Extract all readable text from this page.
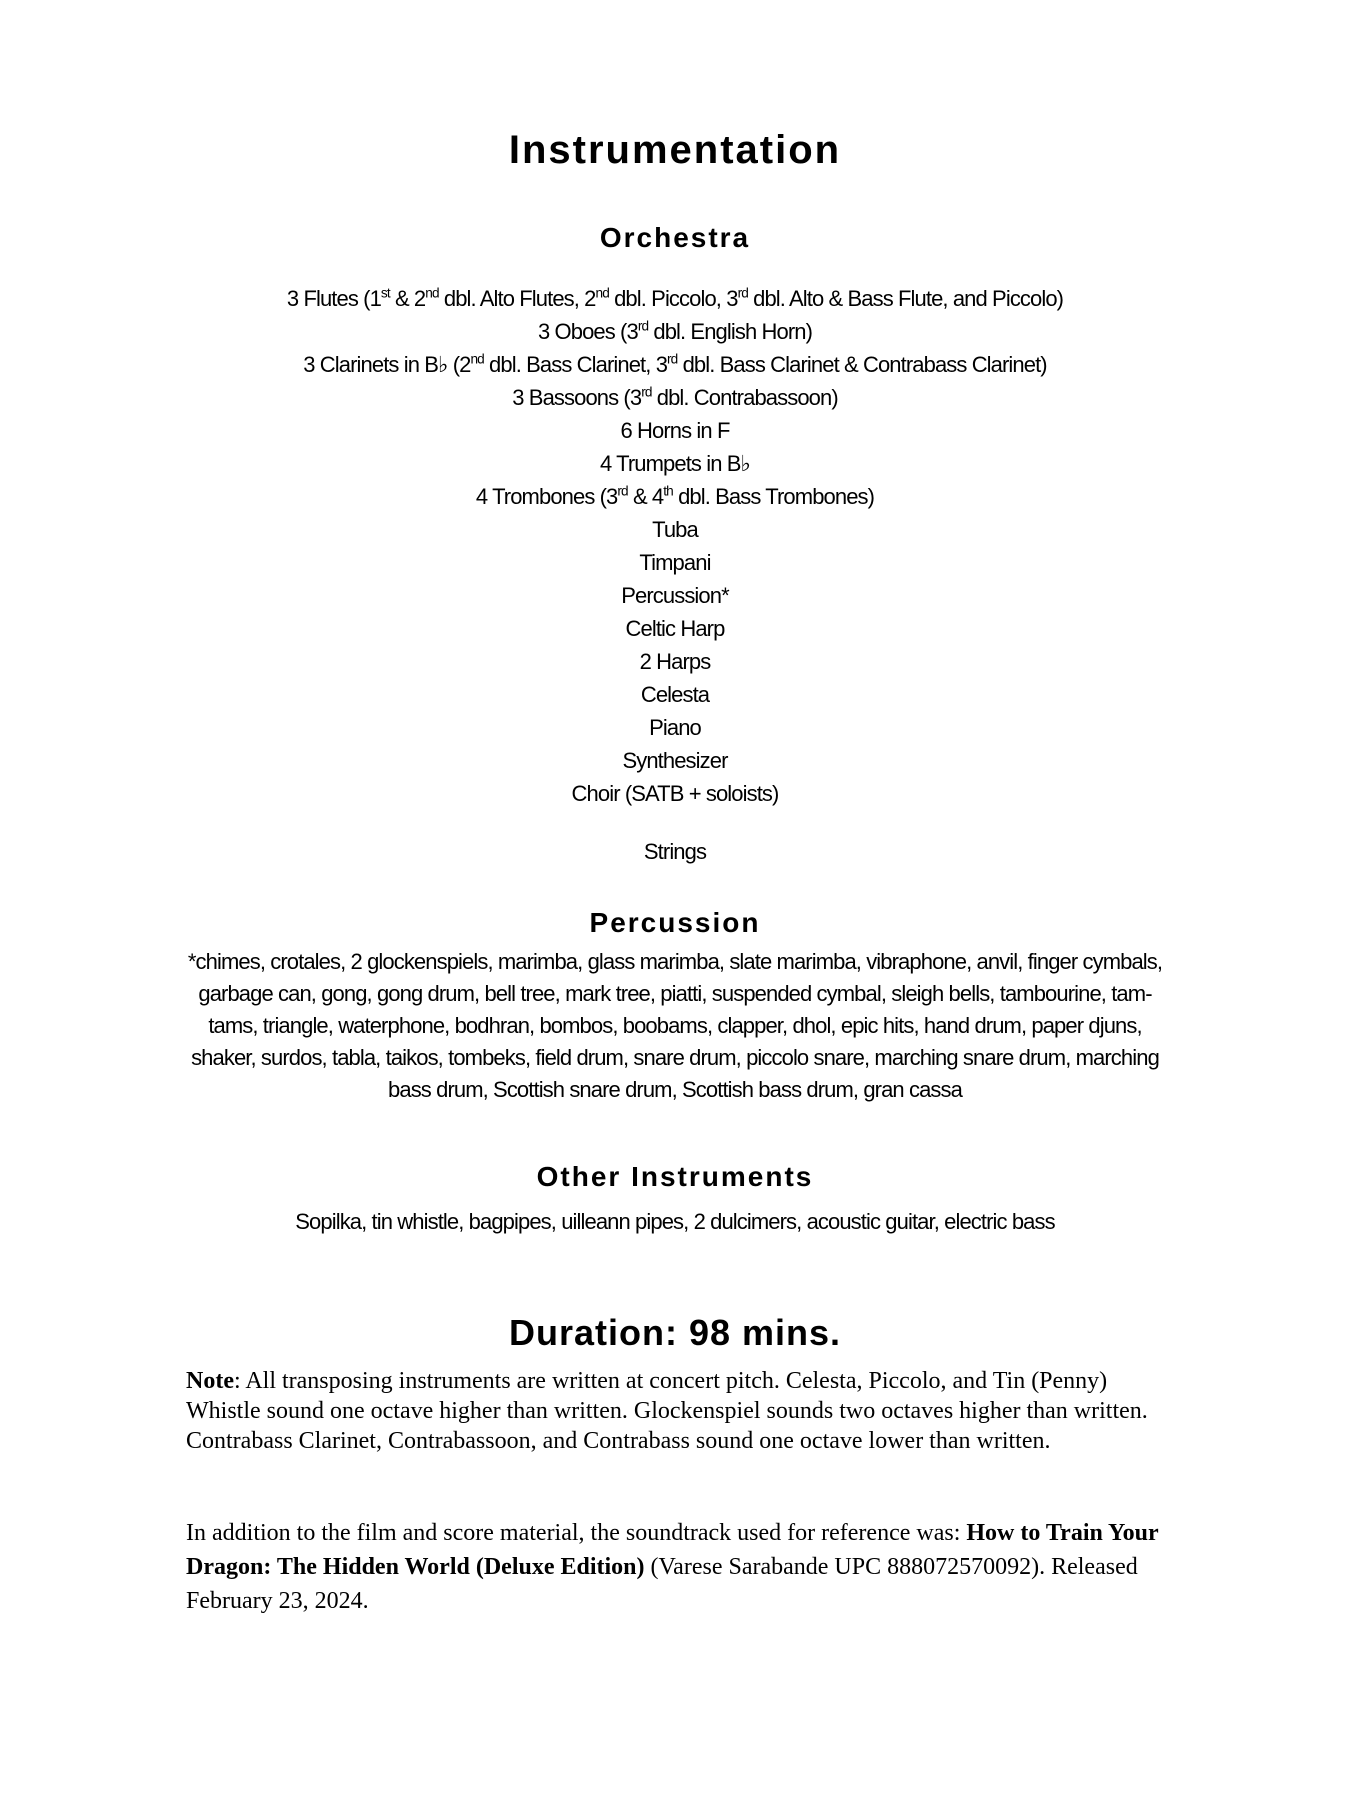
Instrumentation
Orchestra
3 Flutes (1st & 2nd dbl. Alto Flutes, 2nd dbl. Piccolo, 3rd dbl. Alto & Bass Flute, and Piccolo)
3 Oboes (3rd dbl. English Horn)
3 Clarinets in B♭ (2nd dbl. Bass Clarinet, 3rd dbl. Bass Clarinet & Contrabass Clarinet)
3 Bassoons (3rd dbl. Contrabassoon)
6 Horns in F
4 Trumpets in B♭
4 Trombones (3rd & 4th dbl. Bass Trombones)
Tuba
Timpani
Percussion*
Celtic Harp
2 Harps
Celesta
Piano
Synthesizer
Choir (SATB + soloists)
Strings
Percussion
*chimes, crotales, 2 glockenspiels, marimba, glass marimba, slate marimba, vibraphone, anvil, finger cymbals,
garbage can, gong, gong drum, bell tree, mark tree, piatti, suspended cymbal, sleigh bells, tambourine, tam-
tams, triangle, waterphone, bodhran, bombos, boobams, clapper, dhol, epic hits, hand drum, paper djuns,
shaker, surdos, tabla, taikos, tombeks, field drum, snare drum, piccolo snare, marching snare drum, marching
bass drum, Scottish snare drum, Scottish bass drum, gran cassa
Other Instruments
Sopilka, tin whistle, bagpipes, uilleann pipes, 2 dulcimers, acoustic guitar, electric bass
Duration: 98 mins.

Note: All transposing instruments are written at concert pitch. Celesta, Piccolo, and Tin (Penny) Whistle sound one octave higher than written. Glockenspiel sounds two octaves higher than written. Contrabass Clarinet, Contrabassoon, and Contrabass sound one octave lower than written.

In addition to the film and score material, the soundtrack used for reference was: How to Train Your Dragon: The Hidden World (Deluxe Edition) (Varese Sarabande UPC 888072570092). Released February 23, 2024.
